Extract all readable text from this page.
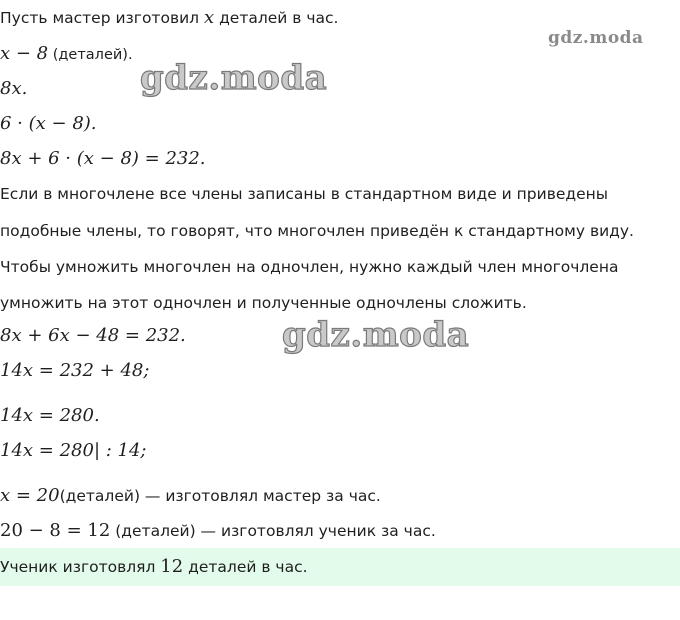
gdz.moda
gdz.moda
gdz.moda
Пусть мастер изготовил x деталей в час.
x − 8 (деталей).
8x.
6 · (x − 8).
8x + 6 · (x − 8) = 232.
Если в многочлене все члены записаны в стандартном виде и приведены
подобные члены, то говорят, что многочлен приведён к стандартному виду.
Чтобы умножить многочлен на одночлен, нужно каждый член многочлена
умножить на этот одночлен и полученные одночлены сложить.
8x + 6x − 48 = 232.
14x = 232 + 48;
14x = 280.
14x = 280| : 14;
x = 20(деталей) — изготовлял мастер за час.
20 − 8 = 12 (деталей) — изготовлял ученик за час.
Ученик изготовлял 12 деталей в час.
